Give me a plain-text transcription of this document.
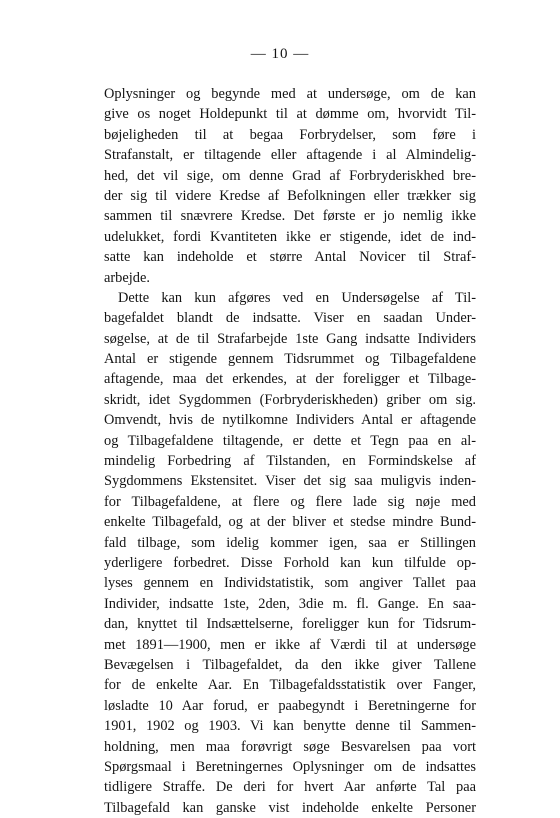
— 10 —
Oplysninger og begynde med at undersøge, om de kan
give os noget Holdepunkt til at dømme om, hvorvidt Til-
bøjeligheden til at begaa Forbrydelser, som føre i
Strafanstalt, er tiltagende eller aftagende i al Almindelig-
hed, det vil sige, om denne Grad af Forbryderiskhed bre-
der sig til videre Kredse af Befolkningen eller trækker sig
sammen til snævrere Kredse. Det første er jo nemlig ikke
udelukket, fordi Kvantiteten ikke er stigende, idet de ind-
satte kan indeholde et større Antal Novicer til Straf-
arbejde.
Dette kan kun afgøres ved en Undersøgelse af Til-
bagefaldet blandt de indsatte. Viser en saadan Under-
søgelse, at de til Strafarbejde 1ste Gang indsatte Individers
Antal er stigende gennem Tidsrummet og Tilbagefaldene
aftagende, maa det erkendes, at der foreligger et Tilbage-
skridt, idet Sygdommen (Forbryderiskheden) griber om sig.
Omvendt, hvis de nytilkomne Individers Antal er aftagende
og Tilbagefaldene tiltagende, er dette et Tegn paa en al-
mindelig Forbedring af Tilstanden, en Formindskelse af
Sygdommens Ekstensitet. Viser det sig saa muligvis inden-
for Tilbagefaldene, at flere og flere lade sig nøje med
enkelte Tilbagefald, og at der bliver et stedse mindre Bund-
fald tilbage, som idelig kommer igen, saa er Stillingen
yderligere forbedret. Disse Forhold kan kun tilfulde op-
lyses gennem en Individstatistik, som angiver Tallet paa
Individer, indsatte 1ste, 2den, 3die m. fl. Gange. En saa-
dan, knyttet til Indsættelserne, foreligger kun for Tidsrum-
met 1891—1900, men er ikke af Værdi til at undersøge
Bevægelsen i Tilbagefaldet, da den ikke giver Tallene
for de enkelte Aar. En Tilbagefaldsstatistik over Fanger,
løsladte 10 Aar forud, er paabegyndt i Beretningerne for
1901, 1902 og 1903. Vi kan benytte denne til Sammen-
holdning, men maa forøvrigt søge Besvarelsen paa vort
Spørgsmaal i Beretningernes Oplysninger om de indsattes
tidligere Straffe. De deri for hvert Aar anførte Tal paa
Tilbagefald kan ganske vist indeholde enkelte Personer
